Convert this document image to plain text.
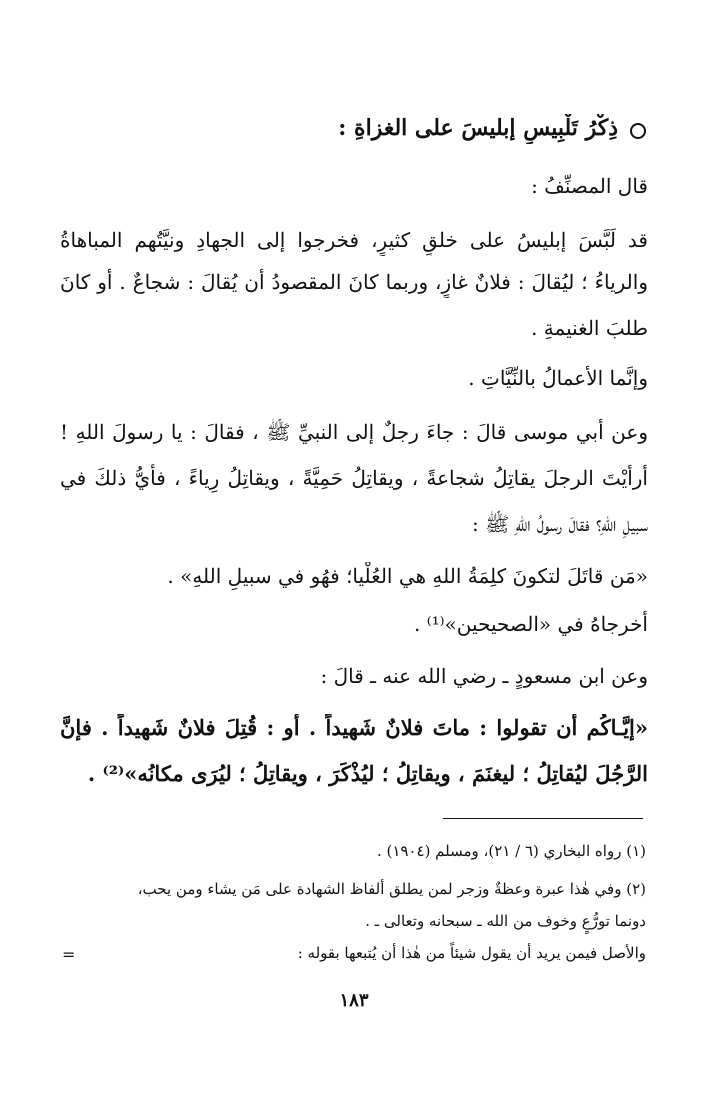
ذِكْرُ تَلْبِيسِ إبليسَ على الغزاةِ :
قال المصنِّفُ :
قد لَبَّسَ إبليسُ على خلقٍ كثيرٍ، فخرجوا إلى الجهادِ ونيَّتُهم المباهاةُ
والرياءُ ؛ ليُقالَ : فلانٌ غازٍ، وربما كانَ المقصودُ أن يُقالَ : شجاعٌ . أو كانَ
طلبَ الغنيمةِ .
وإنَّما الأعمالُ بالنِّيَّاتِ .
وعن أبي موسى قالَ : جاءَ رجلٌ إلى النبيِّ ﷺ ، فقالَ : يا رسولَ اللهِ !
أرأيْتَ الرجلَ يقاتِلُ شجاعةً ، ويقاتِلُ حَمِيَّةً ، ويقاتِلُ رِياءً ، فأيُّ ذلكَ في
سبيلِ اللهِ؟ فقالَ رسولُ اللهِ ﷺ :
«مَن قاتَلَ لتكونَ كلِمَةُ اللهِ هي العُلْيا؛ فهُو في سبيلِ اللهِ» .
أخرجاهُ في «الصحيحين»⁽¹⁾ .
وعن ابن مسعودٍ ـ رضي الله عنه ـ قالَ :
«إيَّـاكُم أن تقولوا : ماتَ فلانٌ شَهيداً . أو : قُتِلَ فلانٌ شَهيداً . فإنَّ
الرَّجُلَ ليُقاتِلُ ؛ ليغنَمَ ، ويقاتِلُ ؛ ليُذْكَرَ ، ويقاتِلُ ؛ ليُرَى مكانُه»⁽²⁾ .
(١) رواه البخاري (٦ / ٢١)، ومسلم (١٩٠٤) .
(٢) وفي هٰذا عبرة وعظةٌ وزجر لمن يطلق ألفاظ الشهادة على مَن يشاء ومن يحب،
دونما تورُّعٍ وخوف من الله ـ سبحانه وتعالى ـ .
والأصل فيمن يريد أن يقول شيئاً من هٰذا أن يُتبعها بقوله :
=
١٨٣
